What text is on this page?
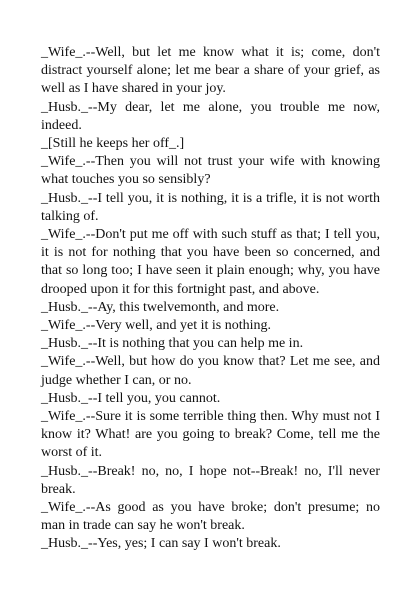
_Wife_.--Well, but let me know what it is; come, don't distract yourself alone; let me bear a share of your grief, as well as I have shared in your joy.

_Husb._--My dear, let me alone, you trouble me now, indeed.

_[Still he keeps her off_.]

_Wife_.--Then you will not trust your wife with knowing what touches you so sensibly?

_Husb._--I tell you, it is nothing, it is a trifle, it is not worth talking of.

_Wife_.--Don't put me off with such stuff as that; I tell you, it is not for nothing that you have been so concerned, and that so long too; I have seen it plain enough; why, you have drooped upon it for this fortnight past, and above.

_Husb._--Ay, this twelvemonth, and more.

_Wife_.--Very well, and yet it is nothing.

_Husb._--It is nothing that you can help me in.

_Wife_.--Well, but how do you know that? Let me see, and judge whether I can, or no.

_Husb._--I tell you, you cannot.

_Wife_.--Sure it is some terrible thing then. Why must not I know it? What! are you going to break? Come, tell me the worst of it.

_Husb._--Break! no, no, I hope not--Break! no, I'll never break.

_Wife_.--As good as you have broke; don't presume; no man in trade can say he won't break.

_Husb._--Yes, yes; I can say I won't break.
